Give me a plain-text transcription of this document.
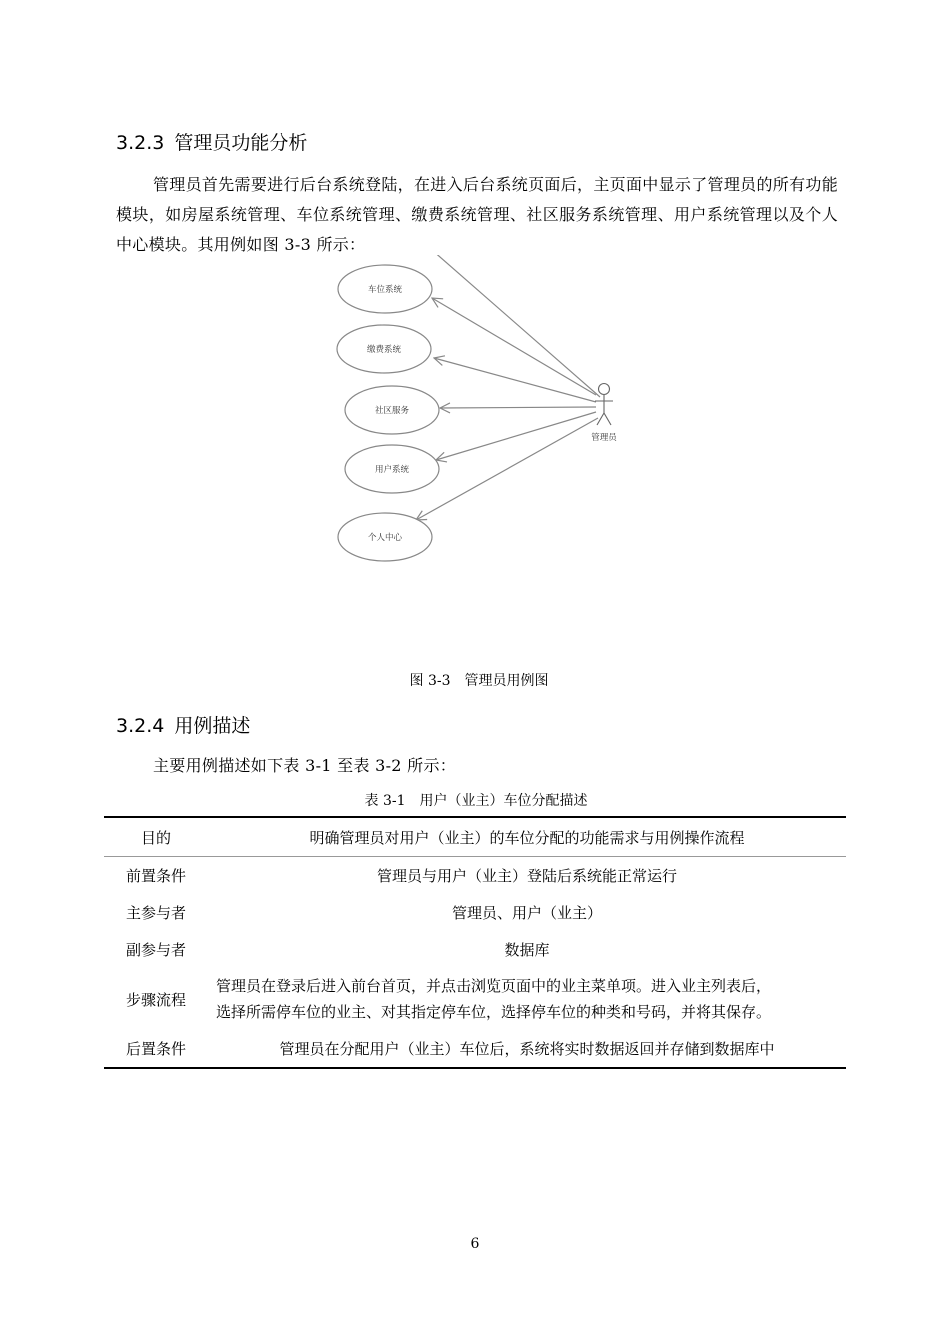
3.2.3 管理员功能分析
管理员首先需要进行后台系统登陆，在进入后台系统页面后，主页面中显示了管理员的所有功能模块，如房屋系统管理、车位系统管理、缴费系统管理、社区服务系统管理、用户系统管理以及个人中心模块。其用例如图 3-3 所示：
车位系统
缴费系统
社区服务
用户系统
个人中心
管理员
图 3-3 管理员用例图
3.2.4 用例描述
主要用例描述如下表 3-1 至表 3-2 所示：
表 3-1 用户（业主）车位分配描述
目的	明确管理员对用户（业主）的车位分配的功能需求与用例操作流程
前置条件	管理员与用户（业主）登陆后系统能正常运行
主参与者	管理员、用户（业主）
副参与者	数据库
步骤流程	管理员在登录后进入前台首页，并点击浏览页面中的业主菜单项。进入业主列表后，
选择所需停车位的业主、对其指定停车位，选择停车位的种类和号码，并将其保存。

后置条件	管理员在分配用户（业主）车位后，系统将实时数据返回并存储到数据库中
6
